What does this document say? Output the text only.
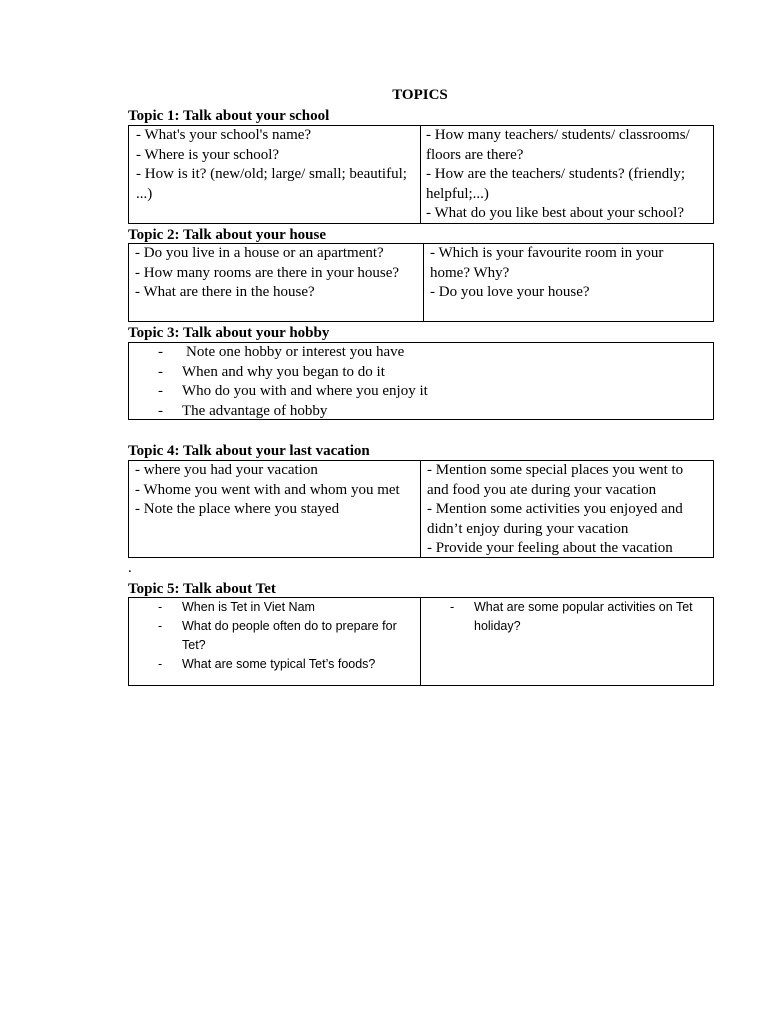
TOPICS
Topic 1: Talk about your school
- What's your school's name?
- Where is your school?
- How is it? (new/old; large/ small; beautiful; ...)
- How many teachers/ students/ classrooms/ floors are there?
- How are the teachers/ students? (friendly; helpful;...)
- What do you like best about your school?
Topic 2: Talk about your house
- Do you live in a house or an apartment?
- How many rooms are there in your house?
- What are there in the house?
- Which is your favourite room in your home? Why?
- Do you love your house?
Topic 3: Talk about your hobby
- Note one hobby or interest you have
- When and why you began to do it
- Who do you with and where you enjoy it
- The advantage of hobby
Topic 4: Talk about your last vacation
- where you had your vacation
- Whome you went with and whom you met
- Note the place where you stayed
- Mention some special places you went to and food you ate during your vacation
- Mention some activities you enjoyed and didn’t enjoy during your vacation
- Provide your feeling about the vacation
.
Topic 5: Talk about Tet
- When is Tet in Viet Nam
- What do people often do to prepare for Tet?
- What are some typical Tet’s foods?
- What are some popular activities on Tet holiday?
